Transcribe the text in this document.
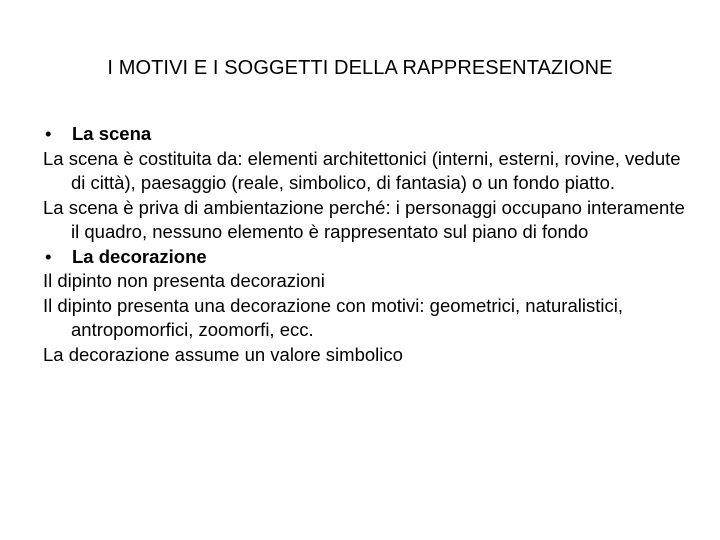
I MOTIVI E I SOGGETTI DELLA RAPPRESENTAZIONE
•	La scena

La scena è costituita da: elementi architettonici (interni, esterni, rovine, vedute di città), paesaggio (reale, simbolico, di fantasia) o un fondo piatto.

La scena è priva di ambientazione perché: i personaggi occupano interamente il quadro, nessuno elemento è rappresentato sul piano di fondo

•	La decorazione

Il dipinto non presenta decorazioni

Il dipinto presenta una decorazione con motivi: geometrici, naturalistici, antropomorfici, zoomorfi, ecc.

La decorazione assume un valore simbolico
